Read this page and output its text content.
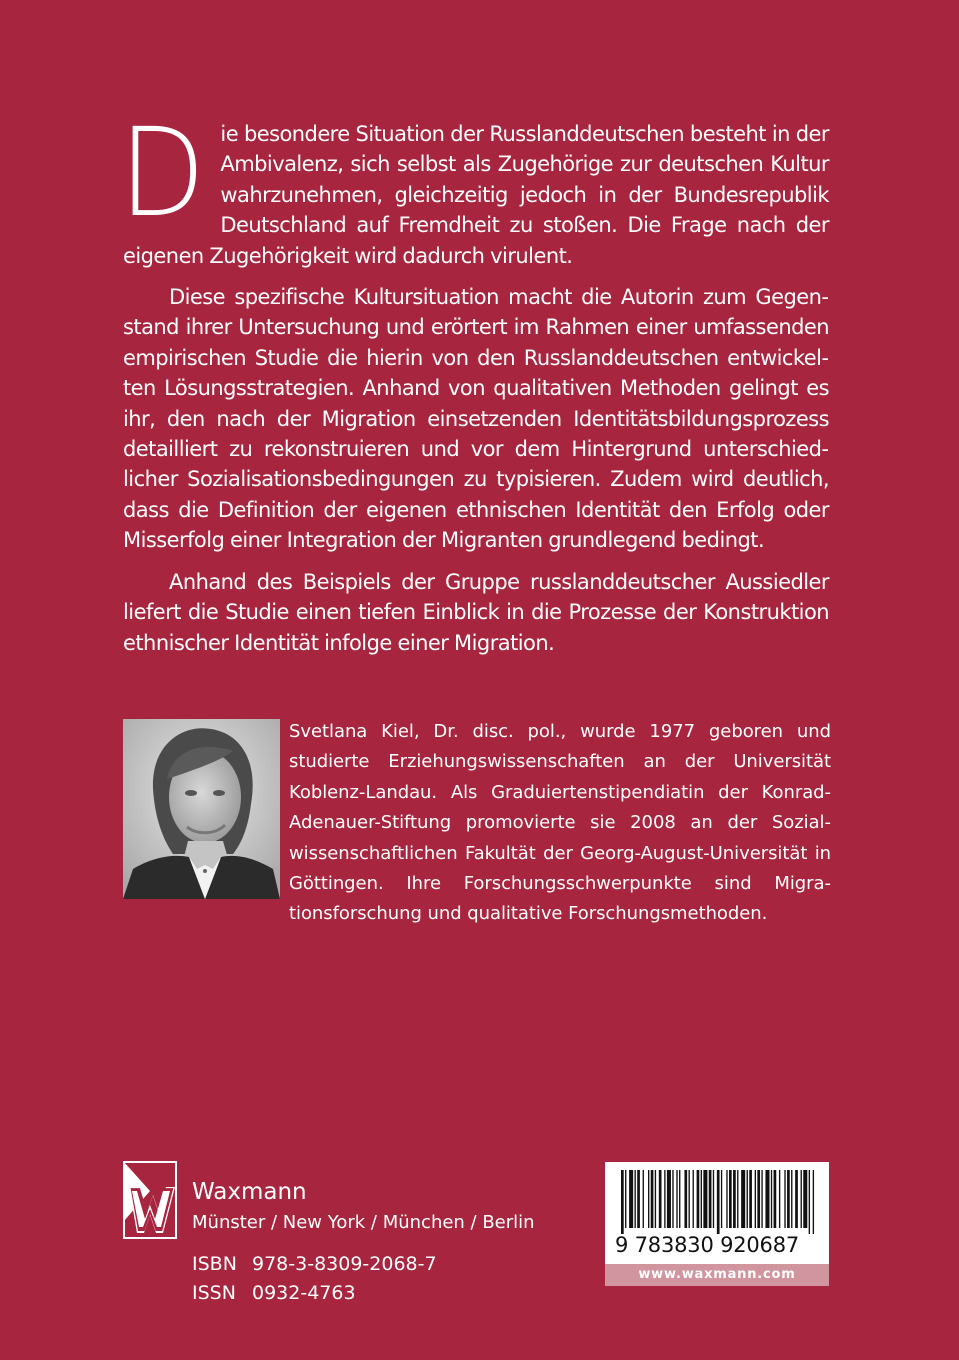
Die besondere Situation der Russlanddeutschen besteht in der Ambivalenz, sich selbst als Zugehörige zur deutschen Kultur wahrzunehmen, gleichzeitig jedoch in der Bundesrepublik Deutschland auf Fremdheit zu stoßen. Die Frage nach der eigenen Zugehörigkeit wird dadurch virulent.

Diese spezifische Kultursituation macht die Autorin zum Gegenstand ihrer Untersuchung und erörtert im Rahmen einer umfassenden empirischen Studie die hierin von den Russlanddeutschen entwickelten Lösungsstrategien. Anhand von qualitativen Methoden gelingt es ihr, den nach der Migration einsetzenden Identitätsbildungsprozess detailliert zu rekonstruieren und vor dem Hintergrund unterschiedlicher Sozialisationsbedingungen zu typisieren. Zudem wird deutlich, dass die Definition der eigenen ethnischen Identität den Erfolg oder Misserfolg einer Integration der Migranten grundlegend bedingt.

Anhand des Beispiels der Gruppe russlanddeutscher Aussiedler liefert die Studie einen tiefen Einblick in die Prozesse der Konstruktion ethnischer Identität infolge einer Migration.

Svetlana Kiel, Dr. disc. pol., wurde 1977 geboren und studierte Erziehungswissenschaften an der Universität Koblenz-Landau. Als Graduiertenstipendiatin der Konrad-Adenauer-Stiftung promovierte sie 2008 an der Sozialwissenschaftlichen Fakultät der Georg-August-Universität in Göttingen. Ihre Forschungsschwerpunkte sind Migrationsforschung und qualitative Forschungsmethoden.
Waxmann
Münster / New York / München / Berlin
ISBN 978-3-8309-2068-7
ISSN 0932-4763
9 783830 920687
www.waxmann.com
